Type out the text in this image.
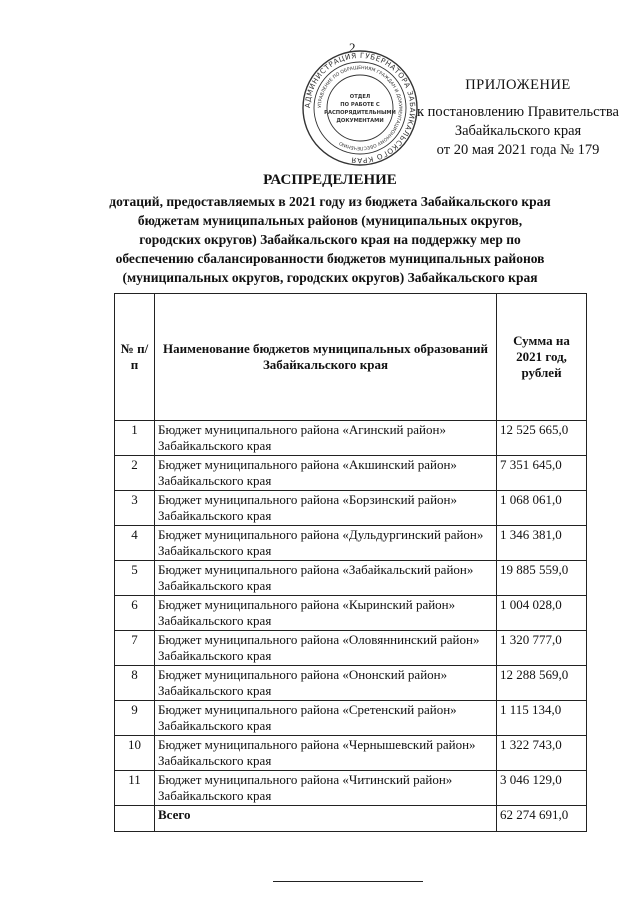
2
АДМИНИСТРАЦИЯ ГУБЕРНАТОРА ЗАБАЙКАЛЬСКОГО КРАЯ
УПРАВЛЕНИЕ ПО ОБРАЩЕНИЯМ ГРАЖДАН И ДОКУМЕНТАЦИОННОМУ ОБЕСПЕЧЕНИЮ
ОТДЕЛ
ПО РАБОТЕ С
РАСПОРЯДИТЕЛЬНЫМИ
ДОКУМЕНТАМИ
ПРИЛОЖЕНИЕ
к постановлению Правительства
Забайкальского края
от 20 мая 2021 года № 179
РАСПРЕДЕЛЕНИЕ
дотаций, предоставляемых в 2021 году из бюджета Забайкальского края
бюджетам муниципальных районов (муниципальных округов,
городских округов) Забайкальского края на поддержку мер по
обеспечению сбалансированности бюджетов муниципальных районов
(муниципальных округов, городских округов) Забайкальского края
№ п/п	Наименование бюджетов муниципальных образований Забайкальского края	Сумма на 2021 год, рублей
1	Бюджет муниципального района «Агинский район» Забайкальского края	12 525 665,0
2	Бюджет муниципального района «Акшинский район» Забайкальского края	7 351 645,0
3	Бюджет муниципального района «Борзинский район» Забайкальского края	1 068 061,0
4	Бюджет муниципального района «Дульдургинский район» Забайкальского края	1 346 381,0
5	Бюджет муниципального района «Забайкальский район» Забайкальского края	19 885 559,0
6	Бюджет муниципального района «Кыринский район» Забайкальского края	1 004 028,0
7	Бюджет муниципального района «Оловяннинский район» Забайкальского края	1 320 777,0
8	Бюджет муниципального района «Ононский район» Забайкальского края	12 288 569,0
9	Бюджет муниципального района «Сретенский район» Забайкальского края	1 115 134,0
10	Бюджет муниципального района «Чернышевский район» Забайкальского края	1 322 743,0
11	Бюджет муниципального района «Читинский район» Забайкальского края	3 046 129,0
	Всего	62 274 691,0
